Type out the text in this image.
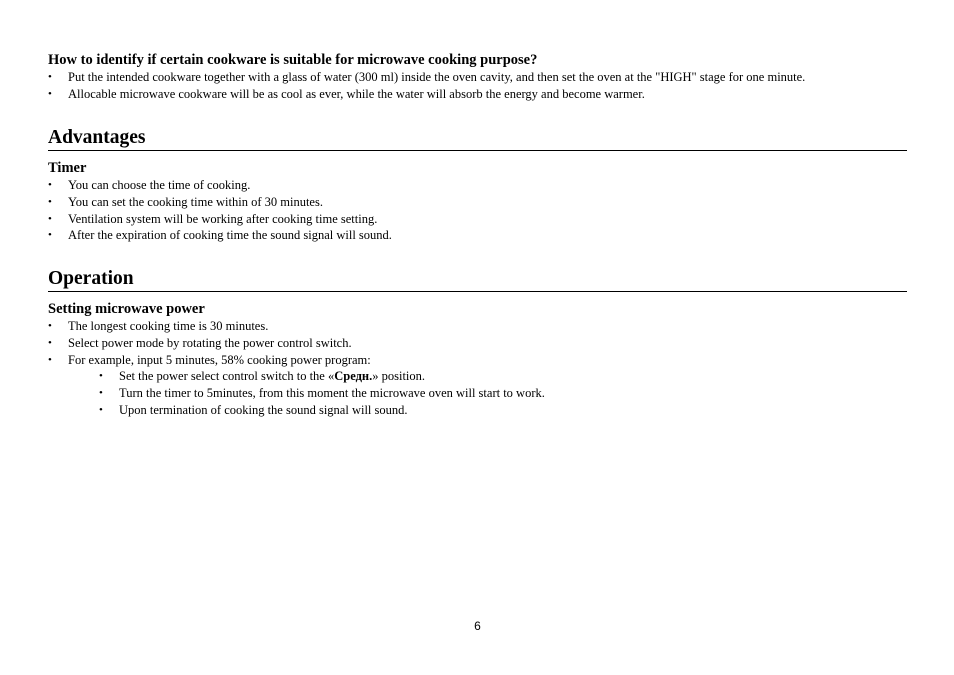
How to identify if certain cookware is suitable for microwave cooking purpose?
•	Put the intended cookware together with a glass of water (300 ml) inside the oven cavity, and then set the oven at the "HIGH" stage for one minute.
•	Allocable microwave cookware will be as cool as ever, while the water will absorb the energy and become warmer.
Advantages
Timer
•	You can choose the time of cooking.
•	You can set the cooking time within of 30 minutes.
•	Ventilation system will be working after cooking time setting.
•	After the expiration of cooking time the sound signal will sound.
Operation
Setting microwave power
•	The longest cooking time is 30 minutes.
•	Select power mode by rotating the power control switch.
•	For example, input 5 minutes, 58% cooking power program:
• Set the power select control switch to the «Средн.» position.
• Turn the timer to 5minutes, from this moment the microwave oven will start to work.
• Upon termination of cooking the sound signal will sound.
6
